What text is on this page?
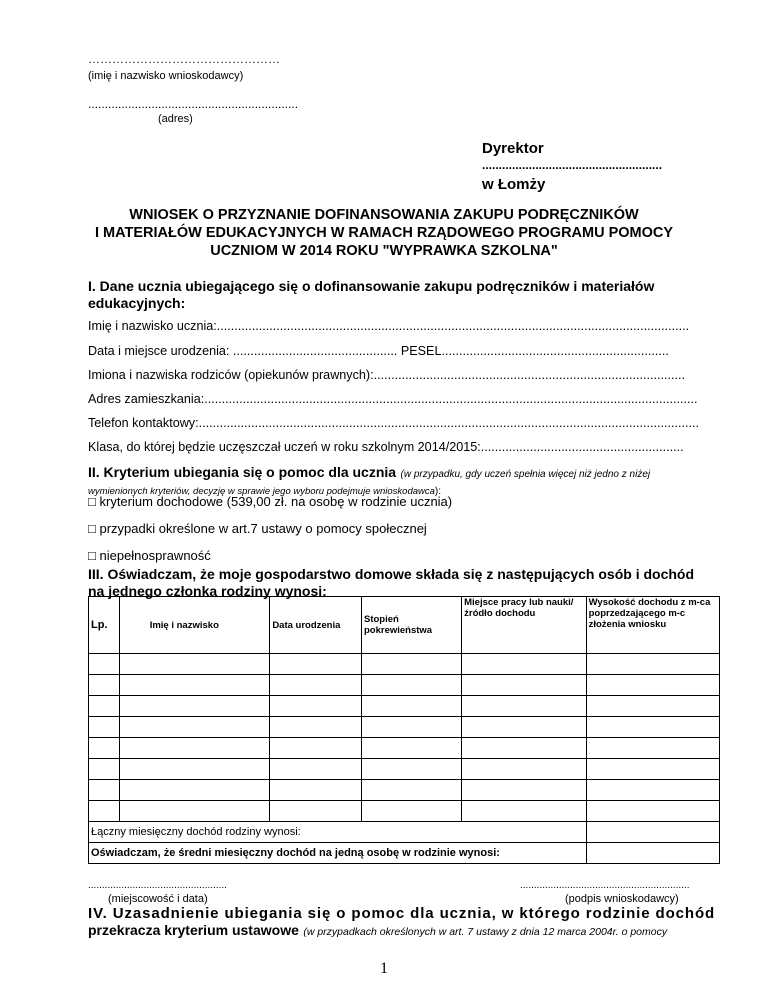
…………………………………………
(imię i nazwisko wnioskodawcy)
...............................................................
(adres)
Dyrektor
......................................................
w Łomży
WNIOSEK O PRZYZNANIE DOFINANSOWANIA ZAKUPU PODRĘCZNIKÓW
I MATERIAŁÓW EDUKACYJNYCH W RAMACH RZĄDOWEGO PROGRAMU POMOCY
UCZNIOM W 2014 ROKU "WYPRAWKA SZKOLNA"
I. Dane ucznia ubiegającego się o dofinansowanie zakupu podręczników i materiałów
edukacyjnych:
Imię i nazwisko ucznia:.......................................................................................................................................
Data i miejsce urodzenia: ............................................... PESEL.................................................................
Imiona i nazwiska rodziców (opiekunów prawnych):.........................................................................................
Adres zamieszkania:.............................................................................................................................................
Telefon kontaktowy:...............................................................................................................................................
Klasa, do której będzie uczęszczał uczeń w roku szkolnym 2014/2015:..........................................................
II. Kryterium ubiegania się o pomoc dla ucznia (w przypadku, gdy uczeń spełnia więcej niż jedno z niżej
wymienionych kryteriów, decyzję w sprawie jego wyboru podejmuje wnioskodawca):
□ kryterium dochodowe (539,00 zł. na osobę w rodzinie ucznia)
□ przypadki określone w art.7 ustawy o pomocy społecznej
□ niepełnosprawność
III. Oświadczam, że moje gospodarstwo domowe składa się z następujących osób i dochód
na jednego członka rodziny wynosi:
Lp.	Imię i nazwisko	Data urodzenia	Stopień pokrewieństwa	Miejsce pracy lub nauki/ źródło dochodu	Wysokość dochodu z m-ca poprzedzającego m-c złożenia wniosku

Łączny miesięczny dochód rodziny wynosi:					
Oświadczam, że średni miesięczny dochód na jedną osobę w rodzinie wynosi:					
..................................................
(miejscowość i data)
.............................................................
(podpis wnioskodawcy)
IV. Uzasadnienie ubiegania się o pomoc dla ucznia, w którego rodzinie dochód
przekracza kryterium ustawowe (w przypadkach określonych w art. 7 ustawy z dnia 12 marca 2004r. o pomocy
1
